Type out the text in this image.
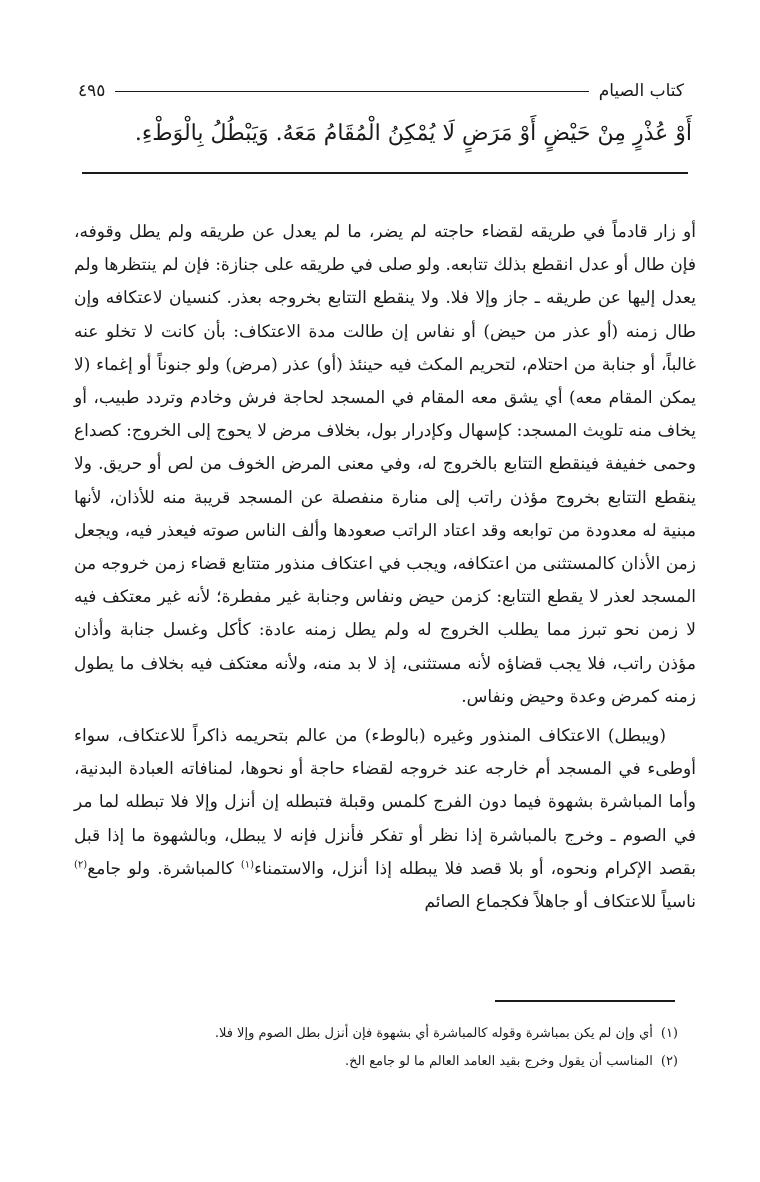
كتاب الصيام
٤٩٥
أَوْ عُذْرٍ مِنْ حَيْضٍ أَوْ مَرَضٍ لَا يُمْكِنُ الْمُقَامُ مَعَهُ. وَيَبْطُلُ بِالْوَطْءِ.

أو زار قادماً في طريقه لقضاء حاجته لم يضر، ما لم يعدل عن طريقه ولم يطل وقوفه، فإن طال أو عدل انقطع بذلك تتابعه. ولو صلى في طريقه على جنازة: فإن لم ينتظرها ولم يعدل إليها عن طريقه ـ جاز وإلا فلا. ولا ينقطع التتابع بخروجه بعذر. كنسيان لاعتكافه وإن طال زمنه (أو عذر من حيض) أو نفاس إن طالت مدة الاعتكاف: بأن كانت لا تخلو عنه غالباً، أو جنابة من احتلام، لتحريم المكث فيه حينئذ (أو) عذر (مرض) ولو جنوناً أو إغماء (لا يمكن المقام معه) أي يشق معه المقام في المسجد لحاجة فرش وخادم وتردد طبيب، أو يخاف منه تلويث المسجد: كإسهال وكإدرار بول، بخلاف مرض لا يحوج إلى الخروج: كصداع وحمى خفيفة فينقطع التتابع بالخروج له، وفي معنى المرض الخوف من لص أو حريق. ولا ينقطع التتابع بخروج مؤذن راتب إلى منارة منفصلة عن المسجد قريبة منه للأذان، لأنها مبنية له معدودة من توابعه وقد اعتاد الراتب صعودها وألف الناس صوته فيعذر فيه، ويجعل زمن الأذان كالمستثنى من اعتكافه، ويجب في اعتكاف منذور متتابع قضاء زمن خروجه من المسجد لعذر لا يقطع التتابع: كزمن حيض ونفاس وجنابة غير مفطرة؛ لأنه غير معتكف فيه لا زمن نحو تبرز مما يطلب الخروج له ولم يطل زمنه عادة: كأكل وغسل جنابة وأذان مؤذن راتب، فلا يجب قضاؤه لأنه مستثنى، إذ لا بد منه، ولأنه معتكف فيه بخلاف ما يطول زمنه كمرض وعدة وحيض ونفاس.

(ويبطل) الاعتكاف المنذور وغيره (بالوطء) من عالم بتحريمه ذاكراً للاعتكاف، سواء أوطىء في المسجد أم خارجه عند خروجه لقضاء حاجة أو نحوها، لمنافاته العبادة البدنية، وأما المباشرة بشهوة فيما دون الفرج كلمس وقبلة فتبطله إن أنزل وإلا فلا تبطله لما مر في الصوم ـ وخرج بالمباشرة إذا نظر أو تفكر فأنزل فإنه لا يبطل، وبالشهوة ما إذا قبل بقصد الإكرام ونحوه، أو بلا قصد فلا يبطله إذا أنزل، والاستمناء$^{(١)}$ كالمباشرة. ولو جامع$^{(٢)}$ ناسياً للاعتكاف أو جاهلاً فكجماع الصائم

(١)
أي وإن لم يكن بمباشرة وقوله كالمباشرة أي بشهوة فإن أنزل بطل الصوم وإلا فلا.
(٢)
المناسب أن يقول وخرج بقيد العامد العالم ما لو جامع الخ.
